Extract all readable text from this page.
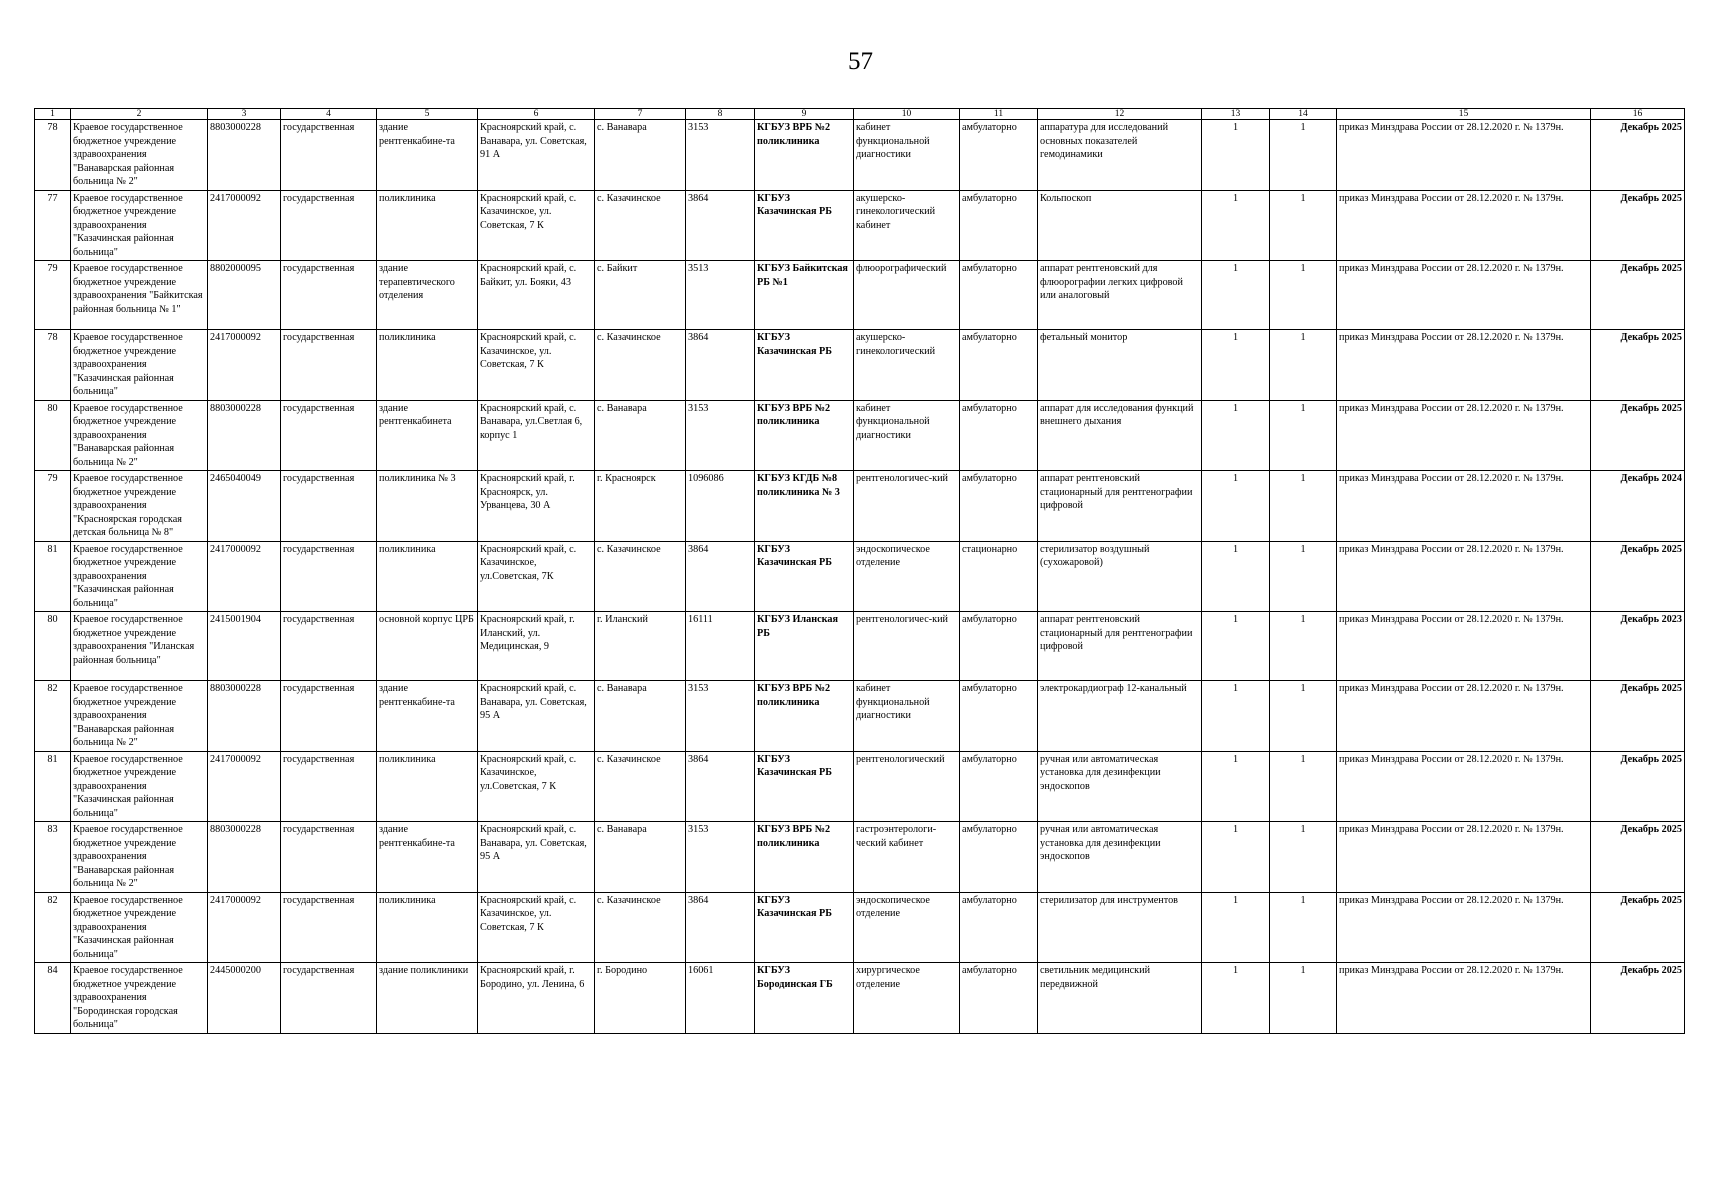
57
1	2	3	4	5	6	7	8	9	10	11	12	13	14	15	16
78	Краевое государственное бюджетное учреждение здравоохранения "Ванаварская районная больница № 2"	8803000228	государственная	здание рентгенкабине-та	Красноярский край, с. Ванавара, ул. Советская, 91 А	с. Ванавара	3153	КГБУЗ ВРБ №2 поликлиника	кабинет функциональной диагностики	амбулаторно	аппаратура для исследований основных показателей гемодинамики	1	1	приказ Минздрава России от 28.12.2020 г. № 1379н.	Декабрь 2025
77	Краевое государственное бюджетное учреждение здравоохранения "Казачинская районная больница"	2417000092	государственная	поликлиника	Красноярский край, с. Казачинское, ул. Советская, 7 К	с. Казачинское	3864	КГБУЗ Казачинская РБ	акушерско-гинекологический кабинет	амбулаторно	Кольпоскоп	1	1	приказ Минздрава России от 28.12.2020 г. № 1379н.	Декабрь 2025
79	Краевое государственное бюджетное учреждение здравоохранения "Байкитская районная больница № 1"	8802000095	государственная	здание терапевтического отделения	Красноярский край, с. Байкит, ул. Бояки, 43	с. Байкит	3513	КГБУЗ Байкитская РБ №1	флюорографический	амбулаторно	аппарат рентгеновский для флюорографии легких цифровой или аналоговый	1	1	приказ Минздрава России от 28.12.2020 г. № 1379н.	Декабрь 2025
78	Краевое государственное бюджетное учреждение здравоохранения "Казачинская районная больница"	2417000092	государственная	поликлиника	Красноярский край, с. Казачинское, ул. Советская, 7 К	с. Казачинское	3864	КГБУЗ Казачинская РБ	акушерско-гинекологический	амбулаторно	фетальный монитор	1	1	приказ Минздрава России от 28.12.2020 г. № 1379н.	Декабрь 2025
80	Краевое государственное бюджетное учреждение здравоохранения "Ванаварская районная больница № 2"	8803000228	государственная	здание рентгенкабинета	Красноярский край, с. Ванавара, ул.Светлая 6, корпус 1	с. Ванавара	3153	КГБУЗ ВРБ №2 поликлиника	кабинет функциональной диагностики	амбулаторно	аппарат для исследования функций внешнего дыхания	1	1	приказ Минздрава России от 28.12.2020 г. № 1379н.	Декабрь 2025
79	Краевое государственное бюджетное учреждение здравоохранения "Красноярская городская детская больница № 8"	2465040049	государственная	поликлиника № 3	Красноярский край, г. Красноярск, ул. Урванцева, 30 А	г. Красноярск	1096086	КГБУЗ КГДБ №8 поликлиника № 3	рентгенологичес-кий	амбулаторно	аппарат рентгеновский стационарный для рентгенографии цифровой	1	1	приказ Минздрава России от 28.12.2020 г. № 1379н.	Декабрь 2024
81	Краевое государственное бюджетное учреждение здравоохранения "Казачинская районная больница"	2417000092	государственная	поликлиника	Красноярский край, с. Казачинское, ул.Советская, 7К	с. Казачинское	3864	КГБУЗ Казачинская РБ	эндоскопическое отделение	стационарно	стерилизатор воздушный (сухожаровой)	1	1	приказ Минздрава России от 28.12.2020 г. № 1379н.	Декабрь 2025
80	Краевое государственное бюджетное учреждение здравоохранения "Иланская районная больница"	2415001904	государственная	основной корпус ЦРБ	Красноярский край, г. Иланский, ул. Медицинская, 9	г. Иланский	16111	КГБУЗ Иланская РБ	рентгенологичес-кий	амбулаторно	аппарат рентгеновский стационарный для рентгенографии цифровой	1	1	приказ Минздрава России от 28.12.2020 г. № 1379н.	Декабрь 2023
82	Краевое государственное бюджетное учреждение здравоохранения "Ванаварская районная больница № 2"	8803000228	государственная	здание рентгенкабине-та	Красноярский край, с. Ванавара, ул. Советская, 95 А	с. Ванавара	3153	КГБУЗ ВРБ №2 поликлиника	кабинет функциональной диагностики	амбулаторно	электрокардиограф 12-канальный	1	1	приказ Минздрава России от 28.12.2020 г. № 1379н.	Декабрь 2025
81	Краевое государственное бюджетное учреждение здравоохранения "Казачинская районная больница"	2417000092	государственная	поликлиника	Красноярский край, с. Казачинское, ул.Советская, 7 К	с. Казачинское	3864	КГБУЗ Казачинская РБ	рентгенологический	амбулаторно	ручная или автоматическая установка для дезинфекции эндоскопов	1	1	приказ Минздрава России от 28.12.2020 г. № 1379н.	Декабрь 2025
83	Краевое государственное бюджетное учреждение здравоохранения "Ванаварская районная больница № 2"	8803000228	государственная	здание рентгенкабине-та	Красноярский край, с. Ванавара, ул. Советская, 95 А	с. Ванавара	3153	КГБУЗ ВРБ №2 поликлиника	гастроэнтерологи-ческий кабинет	амбулаторно	ручная или автоматическая установка для дезинфекции эндоскопов	1	1	приказ Минздрава России от 28.12.2020 г. № 1379н.	Декабрь 2025
82	Краевое государственное бюджетное учреждение здравоохранения "Казачинская районная больница"	2417000092	государственная	поликлиника	Красноярский край, с. Казачинское, ул. Советская, 7 К	с. Казачинское	3864	КГБУЗ Казачинская РБ	эндоскопическое отделение	амбулаторно	стерилизатор для инструментов	1	1	приказ Минздрава России от 28.12.2020 г. № 1379н.	Декабрь 2025
84	Краевое государственное бюджетное учреждение здравоохранения "Бородинская городская больница"	2445000200	государственная	здание поликлиники	Красноярский край, г. Бородино, ул. Ленина, 6	г. Бородино	16061	КГБУЗ Бородинская ГБ	хирургическое отделение	амбулаторно	светильник медицинский передвижной	1	1	приказ Минздрава России от 28.12.2020 г. № 1379н.	Декабрь 2025
